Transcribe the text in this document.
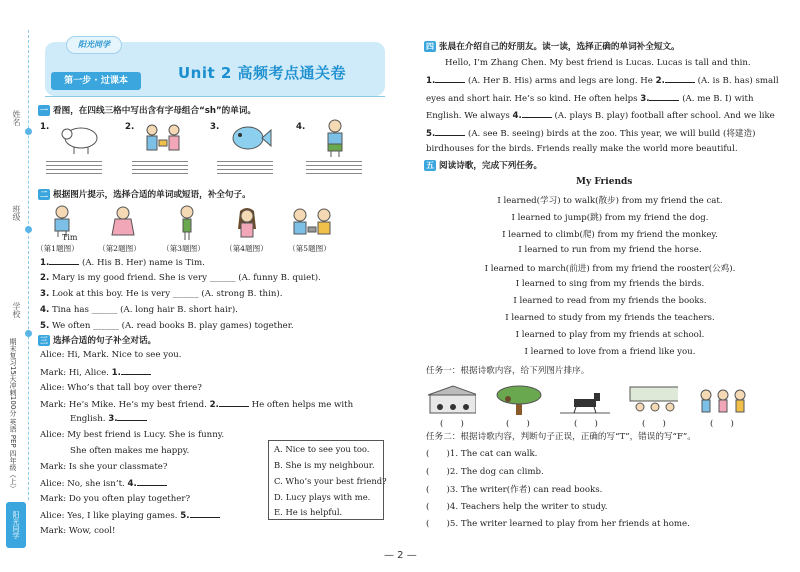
姓名
班级
学校
期末复习15天冲刺100分 英语 PEP 四年级（上）
阳光同学
阳光同学
第一步 · 过课本	Unit 2 高频考点通关卷
一 看图，在四线三格中写出含有字母组合“sh”的单词。
1.	2.	3.	4.
二 根据图片提示，选择合适的单词或短语，补全句子。
Tim
（第1题图）	（第2题图）	（第3题图）	（第4题图）	（第5题图）
1.	(A. His B. Her) name is Tim.
2. Mary is my good friend. She is very ______ (A. funny B. quiet).
3. Look at this boy. He is very ______ (A. strong B. thin).
4. Tina has ______ (A. long hair B. short hair).
5. We often ______ (A. read books B. play games) together.
三 选择合适的句子补全对话。
Alice: Hi, Mark. Nice to see you.
Mark: Hi, Alice. 1.
Alice: Who’s that tall boy over there?
Mark: He’s Mike. He’s my best friend. 2.	He often helps me with
English. 3.
Alice: My best friend is Lucy. She is funny.
She often makes me happy.
Mark: Is she your classmate?
Alice: No, she isn’t. 4.
Mark: Do you often play together?
Alice: Yes, I like playing games. 5.
Mark: Wow, cool!
A. Nice to see you too.
B. She is my neighbour.
C. Who’s your best friend?
D. Lucy plays with me.
E. He is helpful.
四 张晨在介绍自己的好朋友。读一读，选择正确的单词补全短文。
Hello, I’m Zhang Chen. My best friend is Lucas. Lucas is tall and thin.
1.	(A. Her B. His) arms and legs are long. He 2.	(A. is B. has) small
eyes and short hair. He’s so kind. He often helps 3.	(A. me B. I) with
English. We always 4.	(A. plays B. play) football after school. And we like
5.	(A. see B. seeing) birds at the zoo. This year, we will build (将建造)
birdhouses for the birds. Friends really make the world more beautiful.
五 阅读诗歌，完成下列任务。
My Friends
I learned(学习) to walk(散步) from my friend the cat.
I learned to jump(跳) from my friend the dog.
I learned to climb(爬) from my friend the monkey.
I learned to run from my friend the horse.
I learned to march(前进) from my friend the rooster(公鸡).
I learned to sing from my friends the birds.
I learned to read from my friends the books.
I learned to study from my friends the teachers.
I learned to play from my friends at school.
I learned to love from a friend like you.
任务一：根据诗歌内容，给下列图片排序。
(　　)	(　　)	(　　)	(　　)	(　　)
任务二：根据诗歌内容，判断句子正误，正确的写“T”，错误的写“F”。
(　　)1. The cat can walk.
(　　)2. The dog can climb.
(　　)3. The writer(作者) can read books.
(　　)4. Teachers help the writer to study.
(　　)5. The writer learned to play from her friends at home.
— 2 —
